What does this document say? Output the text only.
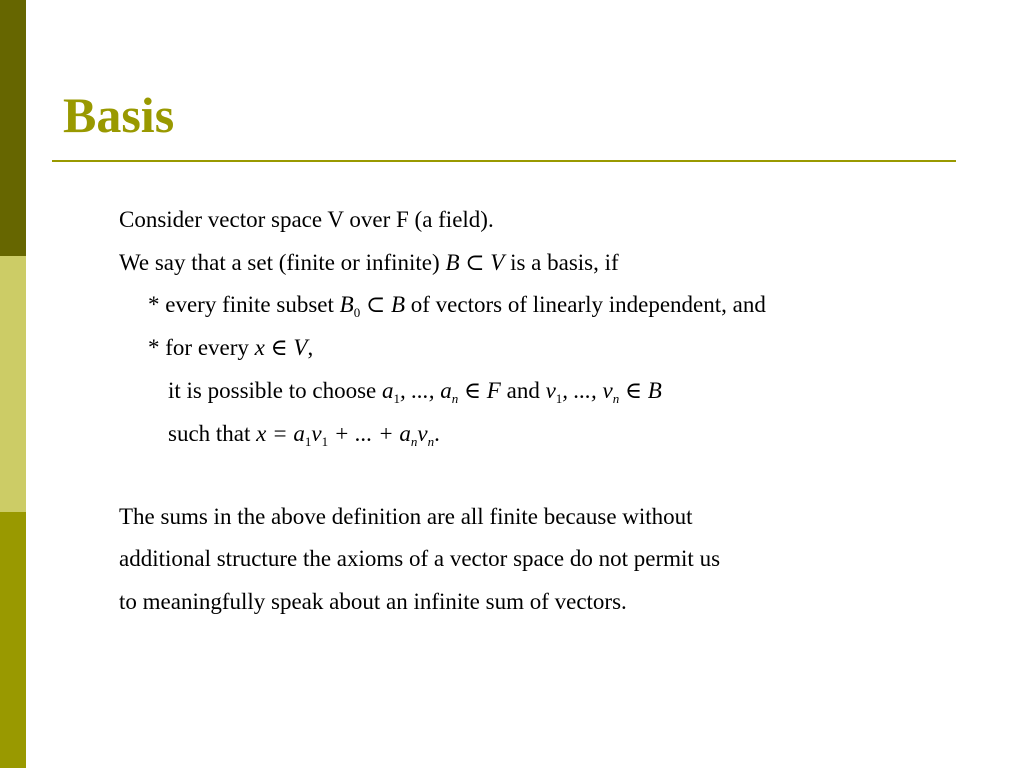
Basis
Consider vector space V over F (a field).
We say that a set (finite or infinite) B ⊂ V is a basis, if
* every finite subset $B_0$ ⊂ B of vectors of linearly independent, and
* for every x ∈ V,
it is possible to choose $a_1$, ..., $a_n$ ∈ F and $v_1$, ..., $v_n$ ∈ B
such that $x = a_1v_1$ + ... + $a_nv_n$.
The sums in the above definition are all finite because without
additional structure the axioms of a vector space do not permit us
to meaningfully speak about an infinite sum of vectors.
